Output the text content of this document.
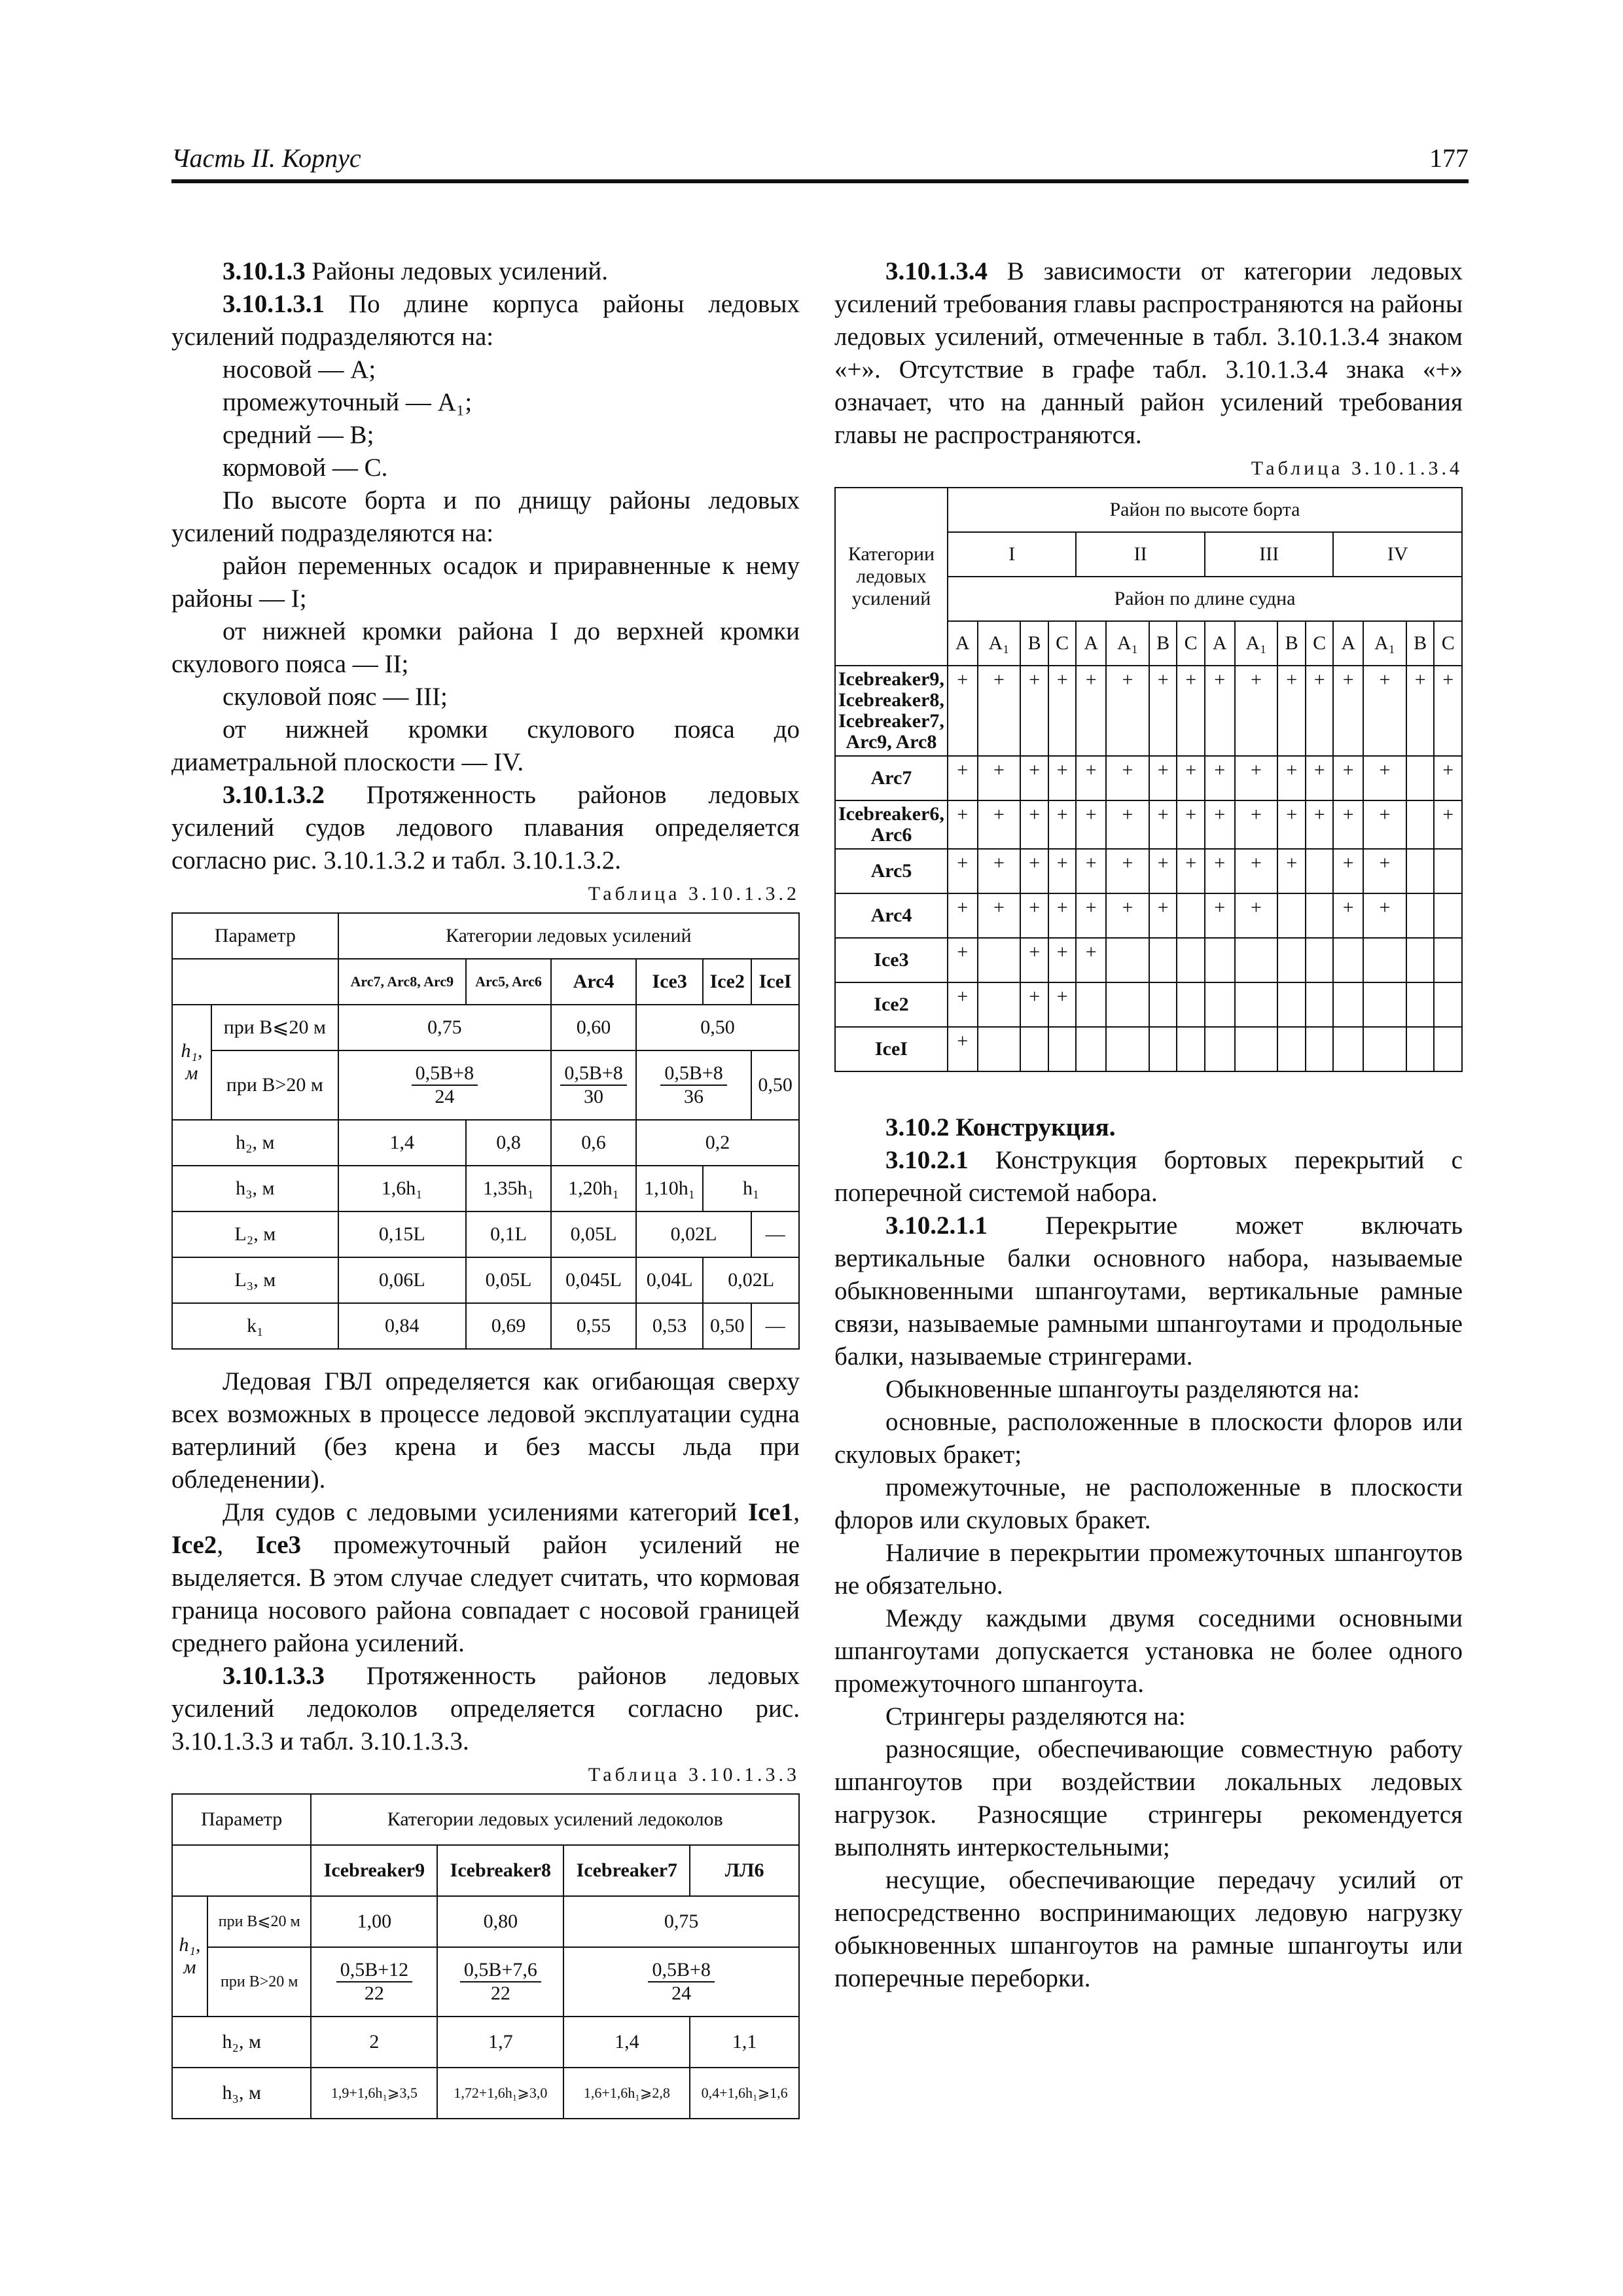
Часть II. Корпус	177

3.10.1.3 Районы ледовых усилений.

3.10.1.3.1 По длине корпуса районы ледовых усилений подразделяются на:

носовой — A;

промежуточный — A₁;

средний — B;

кормовой — C.

По высоте борта и по днищу районы ледовых усилений подразделяются на:

район переменных осадок и приравненные к нему районы — I;

от нижней кромки района I до верхней кромки скулового пояса — II;

скуловой пояс — III;

от нижней кромки скулового пояса до диаметральной плоскости — IV.

3.10.1.3.2 Протяженность районов ледовых усилений судов ледового плавания определяется согласно рис. 3.10.1.3.2 и табл. 3.10.1.3.2.

Таблица 3.10.1.3.2
Параметр		Категории ледовых усилений					
		Arc7, Arc8, Arc9	Arc5, Arc6	Arc4	Ice3	Ice2	IceI
h₁, м	при B⩽20 м	0,75		0,60	0,50		
	при B>20 м	$\frac{0,5B+8}{24}$		$\frac{0,5B+8}{30}$	$\frac{0,5B+8}{36}$		0,50
h₂, м		1,4	0,8	0,6	0,2		
h₃, м		1,6h₁	1,35h₁	1,20h₁	1,10h₁	h₁	
L₂, м		0,15L	0,1L	0,05L	0,02L		—
L₃, м		0,06L	0,05L	0,045L	0,04L	0,02L	
k₁		0,84	0,69	0,55	0,53	0,50	—

Ледовая ГВЛ определяется как огибающая сверху всех возможных в процессе ледовой эксплуатации судна ватерлиний (без крена и без массы льда при обледенении).

Для судов с ледовыми усилениями категорий Ice1, Ice2, Ice3 промежуточный район усилений не выделяется. В этом случае следует считать, что кормовая граница носового района совпадает с носовой границей среднего района усилений.

3.10.1.3.3 Протяженность районов ледовых усилений ледоколов определяется согласно рис. 3.10.1.3.3 и табл. 3.10.1.3.3.

Таблица 3.10.1.3.3
Параметр		Категории ледовых усилений ледоколов			
		Icebreaker9	Icebreaker8	Icebreaker7	ЛЛ6
h₁, м	при B⩽20 м	1,00	0,80	0,75	
	при B>20 м	$\frac{0,5B+12}{22}$	$\frac{0,5B+7,6}{22}$	$\frac{0,5B+8}{24}$

h₂, м		2	1,7	1,4	1,1
h₃, м		1,9+1,6h₁⩾3,5	1,72+1,6h₁⩾3,0	1,6+1,6h₁⩾2,8	0,4+1,6h₁⩾1,6

3.10.1.3.4 В зависимости от категории ледовых усилений требования главы распространяются на районы ледовых усилений, отмеченные в табл. 3.10.1.3.4 знаком «+». Отсутствие в графе табл. 3.10.1.3.4 знака «+» означает, что на данный район усилений требования главы не распространяются.

Таблица 3.10.1.3.4
Категории ледовых усилений	Район по высоте борта															
	I				II				III				IV			
	Район по длине судна															
	A	A₁	B	C	A	A₁	B	C	A	A₁	B	C	A	A₁	B	C
Icebreaker9, Icebreaker8, Icebreaker7, Arc9, Arc8	+	+	+	+	+	+	+	+	+	+	+	+	+	+	+	+
Arc7	+	+	+	+	+	+	+	+	+	+	+	+	+	+		+
Icebreaker6, Arc6	+	+	+	+	+	+	+	+	+	+	+	+	+	+		+
Arc5	+	+	+	+	+	+	+	+	+	+	+		+	+		
Arc4	+	+	+	+	+	+	+		+	+			+	+		
Ice3	+		+	+	+											
Ice2	+		+	+												
IceI	+															

3.10.2 Конструкция.

3.10.2.1 Конструкция бортовых перекрытий с поперечной системой набора.

3.10.2.1.1 Перекрытие может включать вертикальные балки основного набора, называемые обыкновенными шпангоутами, вертикальные рамные связи, называемые рамными шпангоутами и продольные балки, называемые стрингерами.

Обыкновенные шпангоуты разделяются на:

основные, расположенные в плоскости флоров или скуловых бракет;

промежуточные, не расположенные в плоскости флоров или скуловых бракет.

Наличие в перекрытии промежуточных шпангоутов не обязательно.

Между каждыми двумя соседними основными шпангоутами допускается установка не более одного промежуточного шпангоута.

Стрингеры разделяются на:

разносящие, обеспечивающие совместную работу шпангоутов при воздействии локальных ледовых нагрузок. Разносящие стрингеры рекомендуется выполнять интеркостельными;

несущие, обеспечивающие передачу усилий от непосредственно воспринимающих ледовую нагрузку обыкновенных шпангоутов на рамные шпангоуты или поперечные переборки.
